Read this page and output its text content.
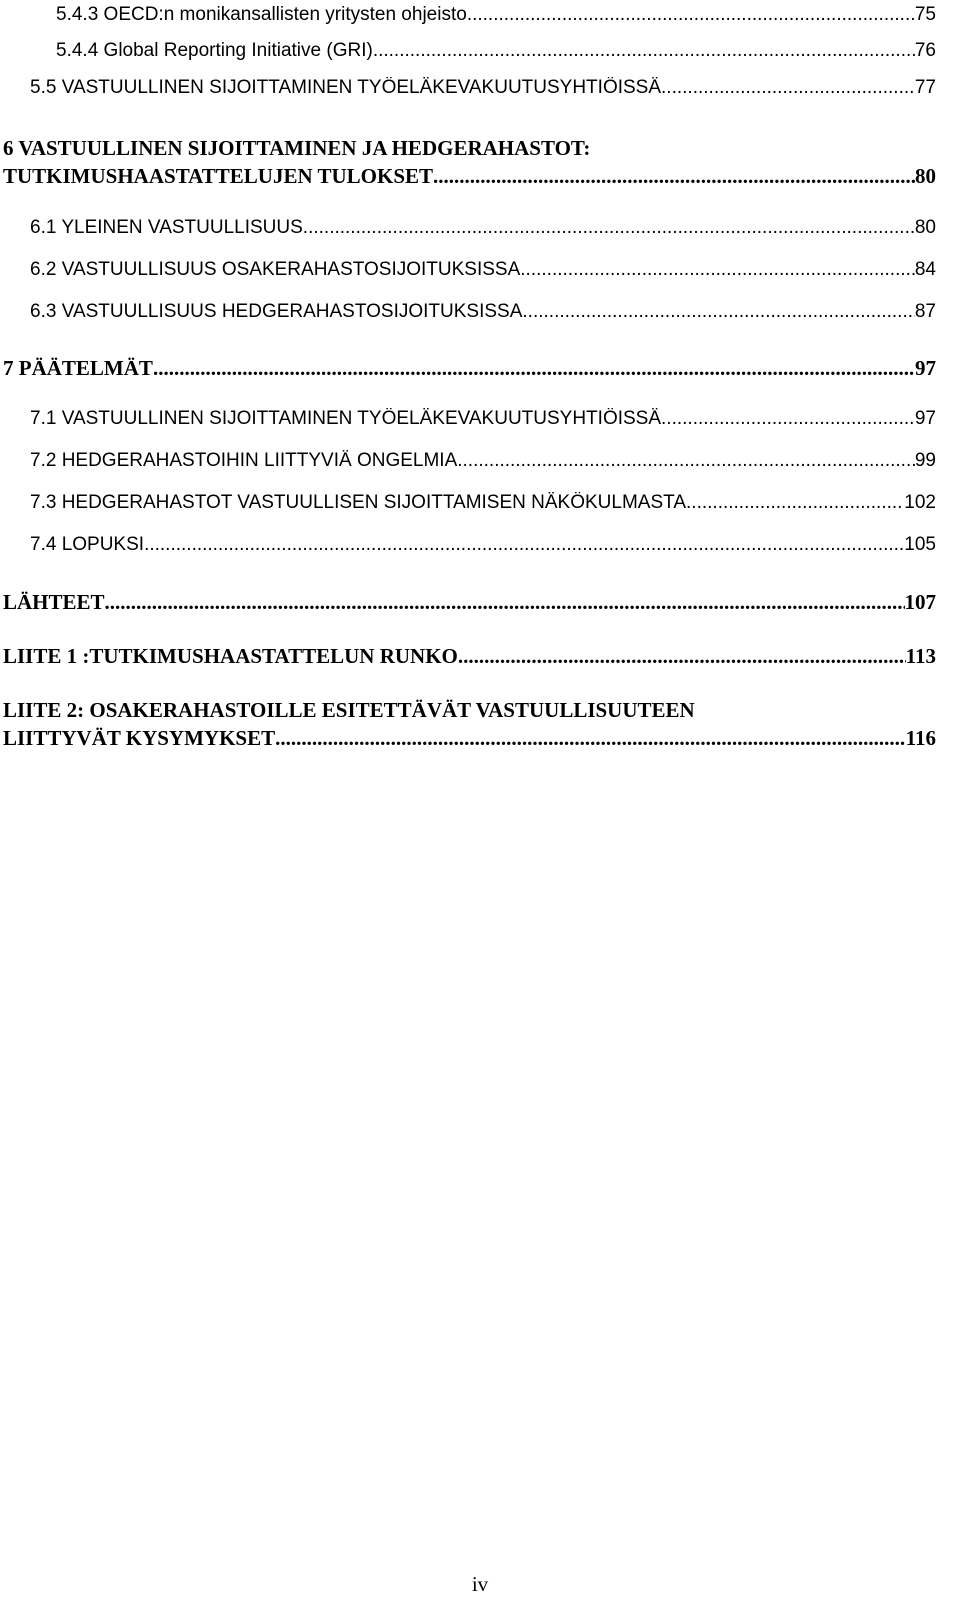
5.4.3 OECD:n monikansallisten yritysten ohjeisto .....	75
5.4.4 Global Reporting Initiative (GRI) .....	76
5.5 VASTUULLINEN SIJOITTAMINEN TYÖELÄKEVAKUUTUSYHTIÖISSÄ .....	77
6 VASTUULLINEN SIJOITTAMINEN JA HEDGERAHASTOT:
TUTKIMUSHAASTATTELUJEN TULOKSET .....	80
6.1 YLEINEN VASTUULLISUUS .....	80
6.2 VASTUULLISUUS OSAKERAHASTOSIJOITUKSISSA .....	84
6.3 VASTUULLISUUS HEDGERAHASTOSIJOITUKSISSA .....	87
7 PÄÄTELMÄT .....	97
7.1 VASTUULLINEN SIJOITTAMINEN TYÖELÄKEVAKUUTUSYHTIÖISSÄ .....	97
7.2 HEDGERAHASTOIHIN LIITTYVIÄ ONGELMIA .....	99
7.3 HEDGERAHASTOT VASTUULLISEN SIJOITTAMISEN NÄKÖKULMASTA .....	102
7.4 LOPUKSI .....	105
LÄHTEET .....	107
LIITE 1 :TUTKIMUSHAASTATTELUN RUNKO .....	113
LIITE 2: OSAKERAHASTOILLE ESITETTÄVÄT VASTUULLISUUTEEN
LIITTYVÄT KYSYMYKSET .....	116
iv
